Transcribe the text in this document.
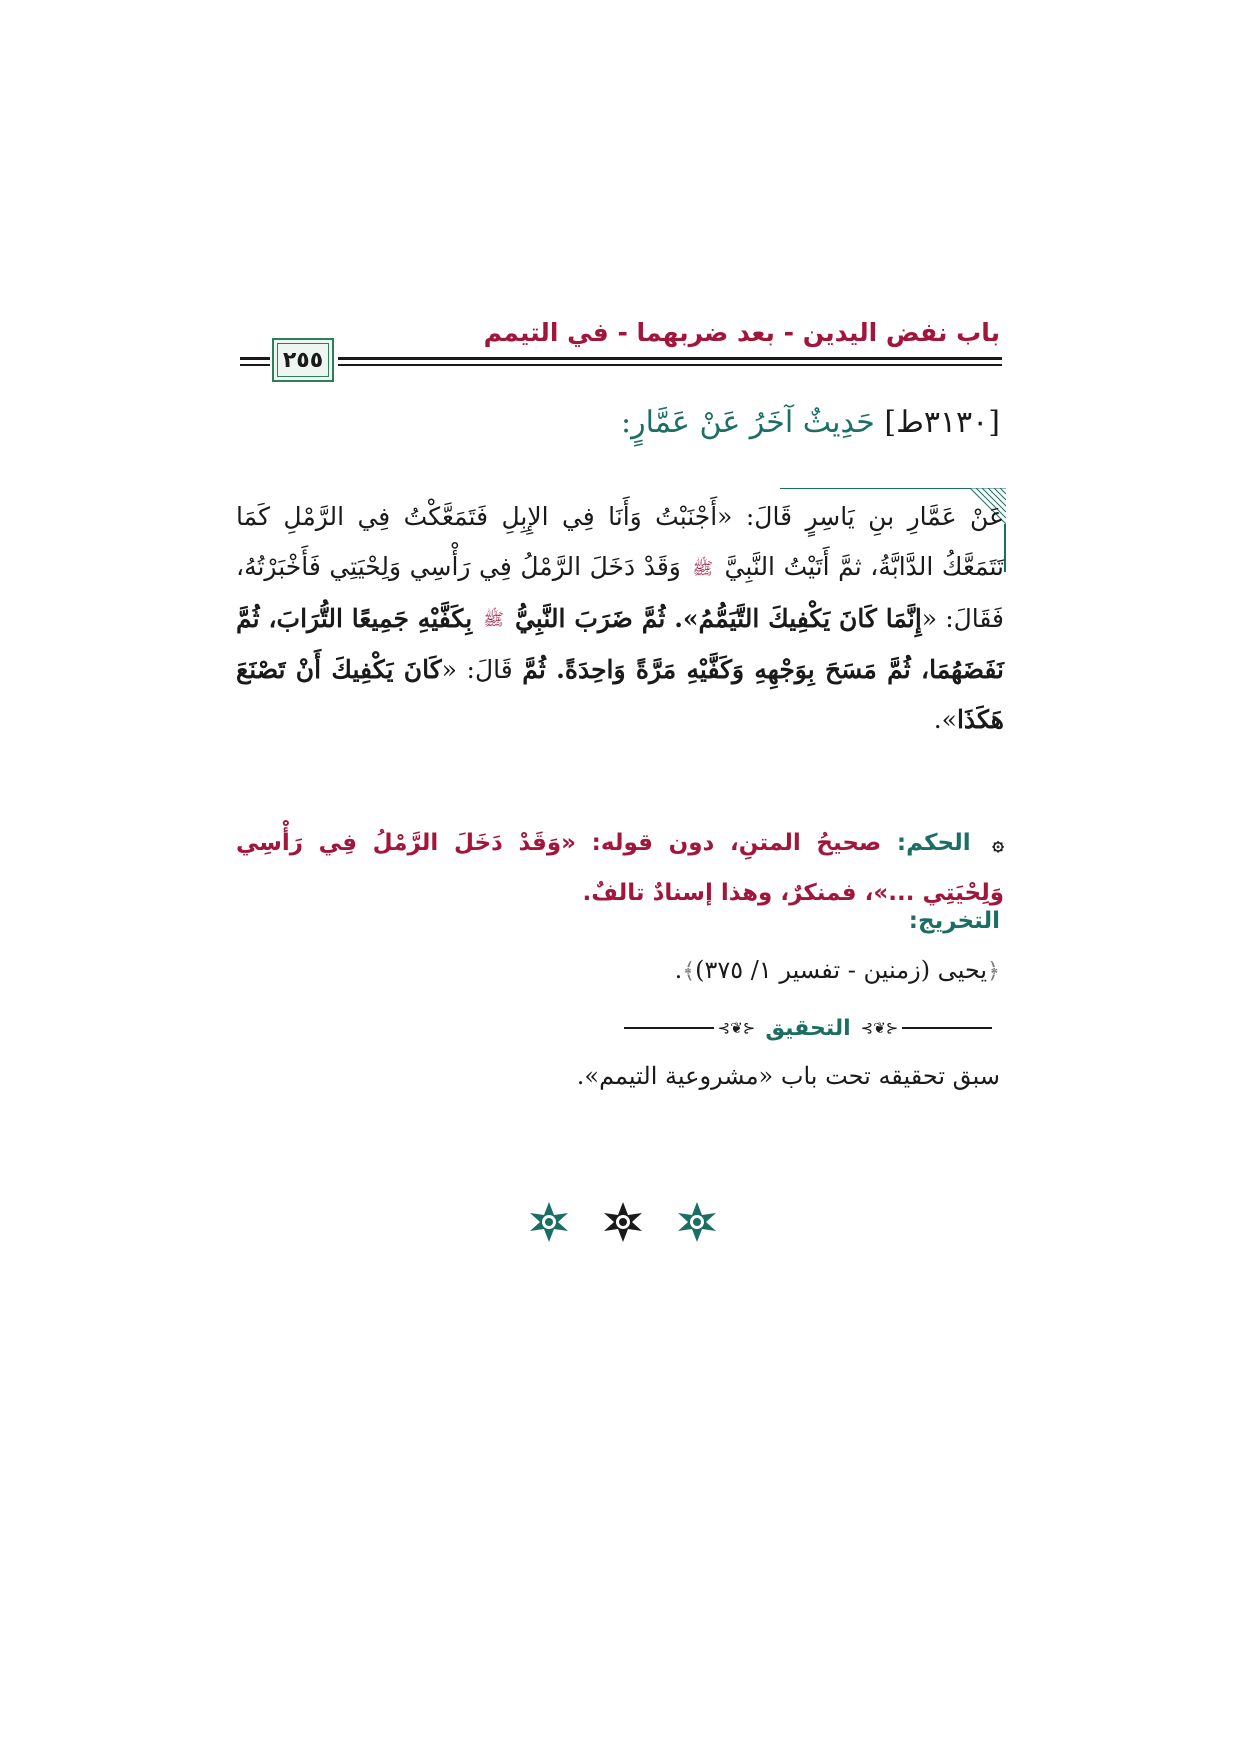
باب نفض اليدين - بعد ضربهما - في التيمم
٢٥٥
[٣١٣٠ط] حَدِيثٌ آخَرُ عَنْ عَمَّارٍ:
عَنْ عَمَّارِ بنِ يَاسِرٍ قَالَ: «أَجْنَبْتُ وَأَنَا فِي الإِبِلِ فَتَمَعَّكْتُ فِي الرَّمْلِ كَمَا تَتَمَعَّكُ الدَّابَّةُ، ثمَّ أَتَيْتُ النَّبِيَّ ﷺ وَقَدْ دَخَلَ الرَّمْلُ فِي رَأْسِي وَلِحْيَتِي فَأَخْبَرْتُهُ، فَقَالَ: «إِنَّمَا كَانَ يَكْفِيكَ التَّيَمُّمُ». ثُمَّ ضَرَبَ النَّبِيُّ ﷺ بِكَفَّيْهِ جَمِيعًا التُّرَابَ، ثُمَّ نَفَضَهُمَا، ثُمَّ مَسَحَ بِوَجْهِهِ وَكَفَّيْهِ مَرَّةً وَاحِدَةً. ثُمَّ قَالَ: «كَانَ يَكْفِيكَ أَنْ تَصْنَعَ هَكَذَا».
۞ الحكم: صحيحُ المتنِ، دون قوله: «وَقَدْ دَخَلَ الرَّمْلُ فِي رَأْسِي وَلِحْيَتِي ...»، فمنكرٌ، وهذا إسنادٌ تالفٌ.
التخريج:
﴿يحيى (زمنين - تفسير ١/ ٣٧٥)﴾.
⊰❦⊱
التحقيق
⊰❦⊱
سبق تحقيقه تحت باب «مشروعية التيمم».
